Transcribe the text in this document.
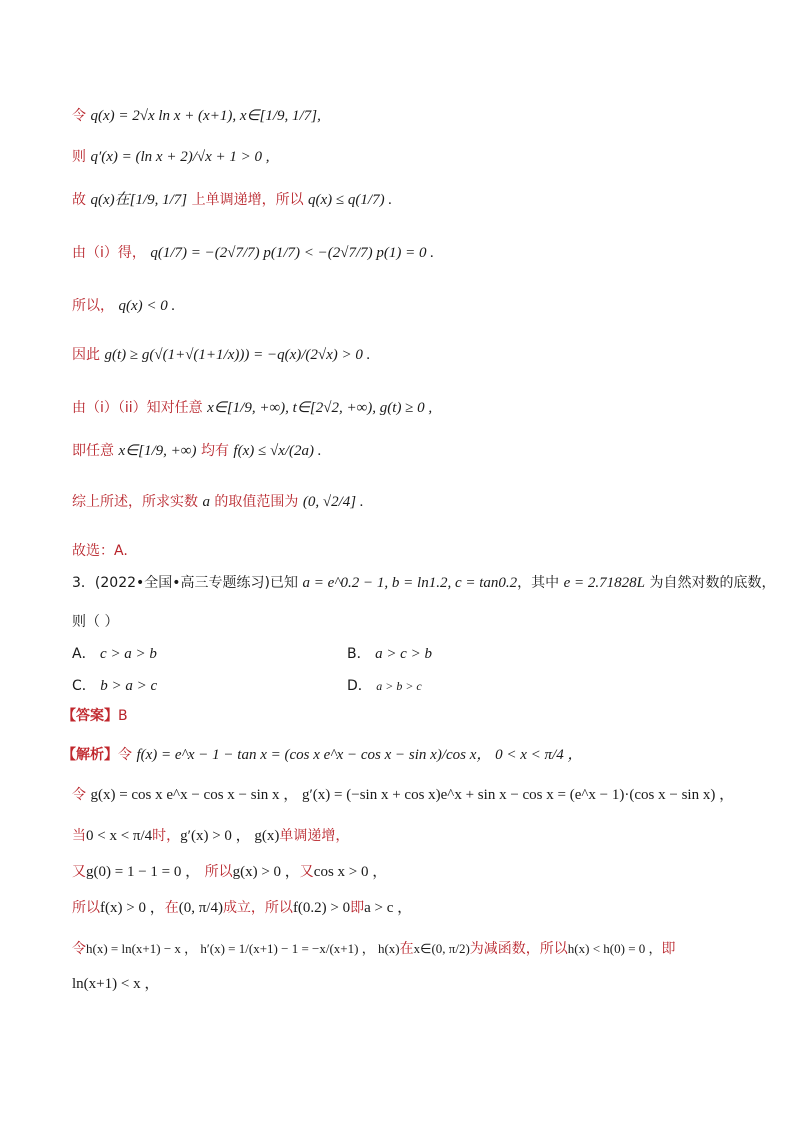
令 q(x) = 2√x ln x + (x+1), x∈[1/9, 1/7],
则 q′(x) = (ln x + 2)/√x + 1 > 0 ,
故 q(x)在[1/9, 1/7] 上单调递增，所以 q(x) ≤ q(1/7) .
由（i）得， q(1/7) = −(2√7/7) p(1/7) < −(2√7/7) p(1) = 0 .
所以， q(x) < 0 .
因此 g(t) ≥ g(√(1+√(1+1/x))) = −q(x)/(2√x) > 0 .
由（i）（ii）知对任意 x∈[1/9, +∞), t∈[2√2, +∞), g(t) ≥ 0 ,
即任意 x∈[1/9, +∞) 均有 f(x) ≤ √x/(2a) .
综上所述，所求实数 a 的取值范围为 (0, √2/4] .
故选：A.
3．(2022•全国•高三专题练习)已知 a = e^0.2 − 1, b = ln1.2, c = tan0.2，其中 e = 2.71828L 为自然对数的底数，
则（ ）
A． c > a > b	B． a > c > b
C． b > a > c	D． a > b > c
【答案】B
【解析】令 f(x) = e^x − 1 − tan x = (cos x e^x − cos x − sin x)/cos x， 0 < x < π/4 ，
令 g(x) = cos x e^x − cos x − sin x ， g′(x) = (−sin x + cos x)e^x + sin x − cos x = (e^x − 1)·(cos x − sin x) ，
当0 < x < π/4时，g′(x) > 0 ， g(x)单调递增，
又g(0) = 1 − 1 = 0 ， 所以g(x) > 0 ，又cos x > 0 ，
所以f(x) > 0 ，在(0, π/4)成立，所以f(0.2) > 0即a > c ，
令h(x) = ln(x+1) − x ， h′(x) = 1/(x+1) − 1 = −x/(x+1) ， h(x)在x∈(0, π/2)为减函数，所以h(x) < h(0) = 0 ，即
ln(x+1) < x ，
